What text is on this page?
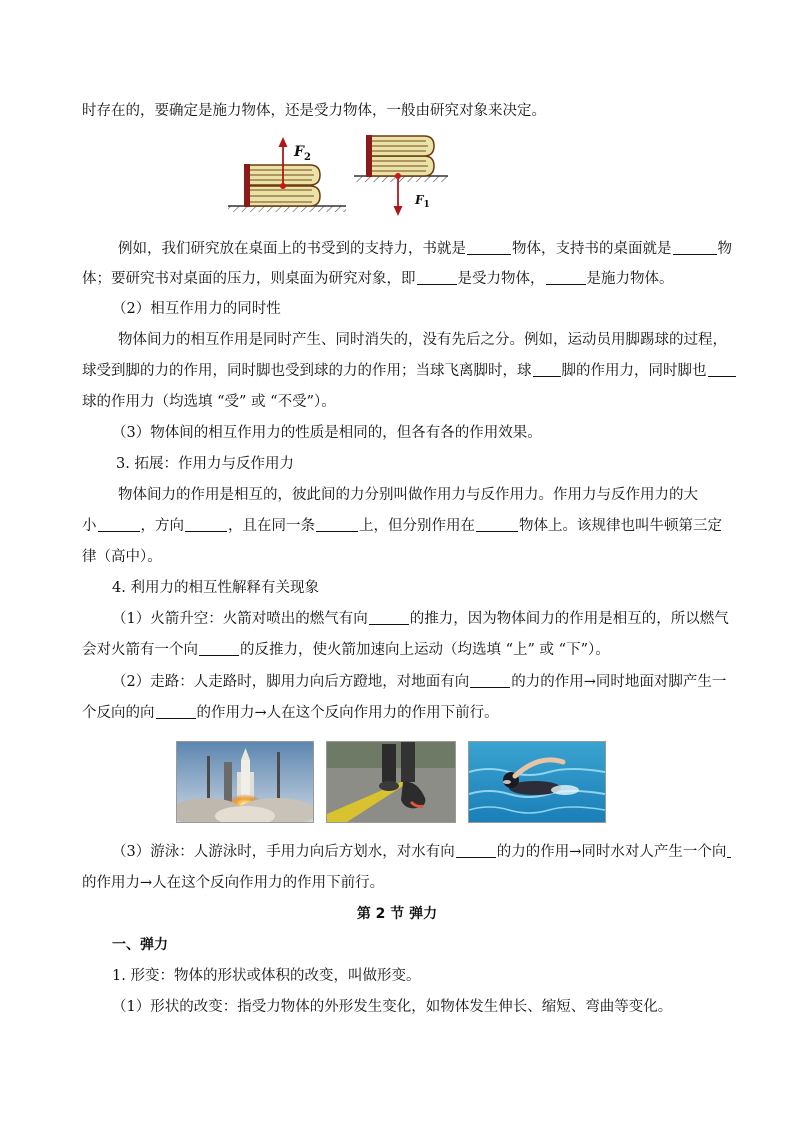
时存在的，要确定是施力物体，还是受力物体，一般由研究对象来决定。
$F_2$
$F_1$
例如，我们研究放在桌面上的书受到的支持力，书就是	物体，支持书的桌面就是	物
体；要研究书对桌面的压力，则桌面为研究对象，即	是受力物体，	是施力物体。
（2）相互作用力的同时性
物体间力的相互作用是同时产生、同时消失的，没有先后之分。例如，运动员用脚踢球的过程，
球受到脚的力的作用，同时脚也受到球的力的作用；当球飞离脚时，球 脚的作用力，同时脚也
球的作用力（均选填 “受” 或 “不受”）。
（3）物体间的相互作用力的性质是相同的，但各有各的作用效果。
3. 拓展：作用力与反作用力
物体间力的作用是相互的，彼此间的力分别叫做作用力与反作用力。作用力与反作用力的大
小	，方向	，且在同一条	上，但分别作用在	物体上。该规律也叫牛顿第三定
律（高中）。
4. 利用力的相互性解释有关现象
（1）火箭升空：火箭对喷出的燃气有向	的推力，因为物体间力的作用是相互的，所以燃气
会对火箭有一个向	的反推力，使火箭加速向上运动（均选填 “上” 或 “下”）。
（2）走路：人走路时，脚用力向后方蹬地，对地面有向	的力的作用→同时地面对脚产生一
个反向的向	的作用力→人在这个反向作用力的作用下前行。
（3）游泳：人游泳时，手用力向后方划水，对水有向	的力的作用→同时水对人产生一个向
的作用力→人在这个反向作用力的作用下前行。
第 2 节 弹力
一、弹力
1. 形变：物体的形状或体积的改变，叫做形变。
（1）形状的改变：指受力物体的外形发生变化，如物体发生伸长、缩短、弯曲等变化。
